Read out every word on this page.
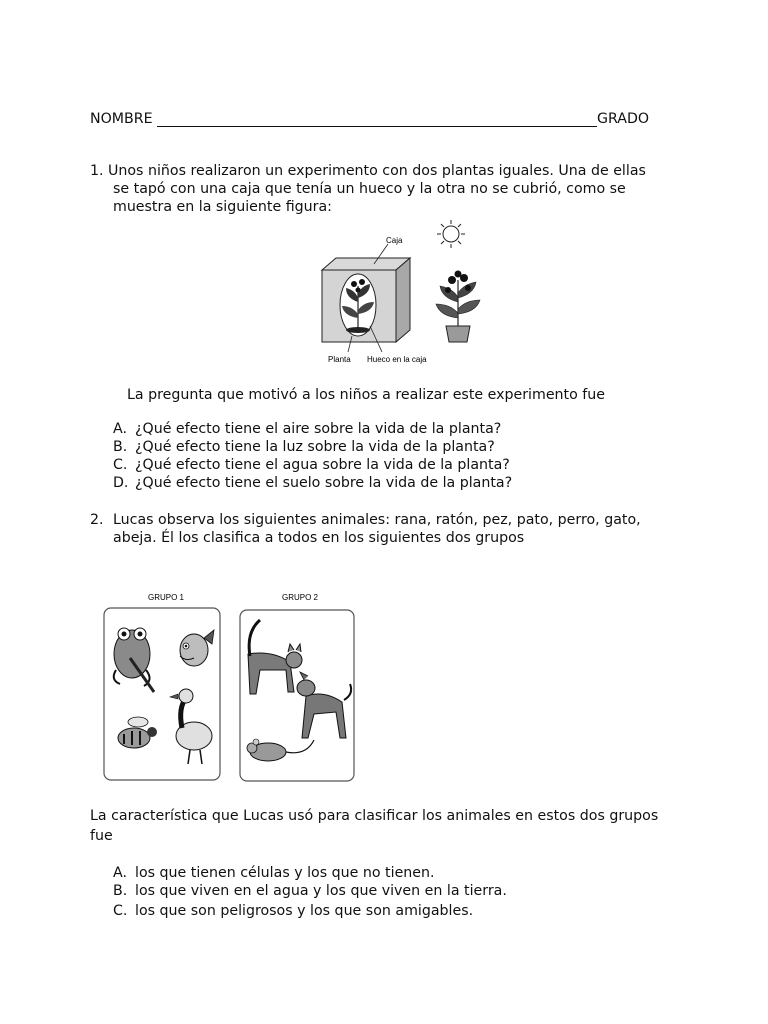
NOMBRE	GRADO
1. Unos niños realizaron un experimento con dos plantas iguales. Una de ellas
se tapó con una caja que tenía un hueco y la otra no se cubrió, como se
muestra en la siguiente figura:
Caja
Planta Hueco en la caja
La pregunta que motivó a los niños a realizar este experimento fue
A. ¿Qué efecto tiene el aire sobre la vida de la planta?
B. ¿Qué efecto tiene la luz sobre la vida de la planta?
C. ¿Qué efecto tiene el agua sobre la vida de la planta?
D. ¿Qué efecto tiene el suelo sobre la vida de la planta?
2. Lucas observa los siguientes animales: rana, ratón, pez, pato, perro, gato,
abeja. Él los clasifica a todos en los siguientes dos grupos
GRUPO 1	GRUPO 2
La característica que Lucas usó para clasificar los animales en estos dos grupos
fue
A. los que tienen células y los que no tienen.
B. los que viven en el agua y los que viven en la tierra.
C. los que son peligrosos y los que son amigables.
